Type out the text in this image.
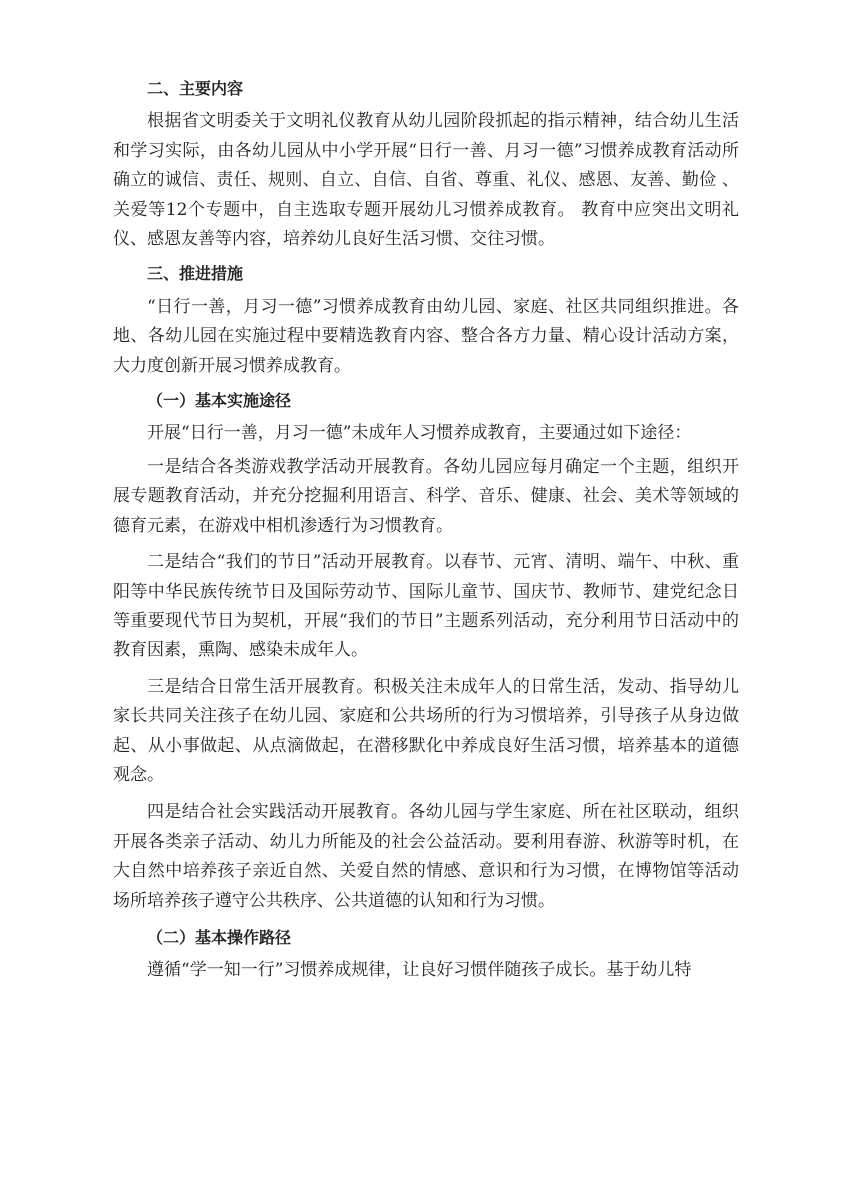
二、主要内容

根据省文明委关于文明礼仪教育从幼儿园阶段抓起的指示精神，结合幼儿生活和学习实际，由各幼儿园从中小学开展“日行一善、月习一德”习惯养成教育活动所确立的诚信、责任、规则、自立、自信、自省、尊重、礼仪、感恩、友善、勤俭 、关爱等12个专题中，自主选取专题开展幼儿习惯养成教育。 教育中应突出文明礼仪、感恩友善等内容，培养幼儿良好生活习惯、交往习惯。

三、推进措施

“日行一善，月习一德”习惯养成教育由幼儿园、家庭、社区共同组织推进。各地、各幼儿园在实施过程中要精选教育内容、整合各方力量、精心设计活动方案，大力度创新开展习惯养成教育。

（一）基本实施途径

开展“日行一善，月习一德”未成年人习惯养成教育，主要通过如下途径：

一是结合各类游戏教学活动开展教育。各幼儿园应每月确定一个主题，组织开展专题教育活动，并充分挖掘利用语言、科学、音乐、健康、社会、美术等领域的德育元素，在游戏中相机渗透行为习惯教育。

二是结合“我们的节日”活动开展教育。以春节、元宵、清明、端午、中秋、重阳等中华民族传统节日及国际劳动节、国际儿童节、国庆节、教师节、建党纪念日等重要现代节日为契机，开展“我们的节日”主题系列活动，充分利用节日活动中的教育因素，熏陶、感染未成年人。

三是结合日常生活开展教育。积极关注未成年人的日常生活，发动、指导幼儿家长共同关注孩子在幼儿园、家庭和公共场所的行为习惯培养，引导孩子从身边做起、从小事做起、从点滴做起，在潜移默化中养成良好生活习惯，培养基本的道德观念。

四是结合社会实践活动开展教育。各幼儿园与学生家庭、所在社区联动，组织开展各类亲子活动、幼儿力所能及的社会公益活动。要利用春游、秋游等时机，在大自然中培养孩子亲近自然、关爱自然的情感、意识和行为习惯，在博物馆等活动场所培养孩子遵守公共秩序、公共道德的认知和行为习惯。

（二）基本操作路径

遵循“学一知一行”习惯养成规律，让良好习惯伴随孩子成长。基于幼儿特
